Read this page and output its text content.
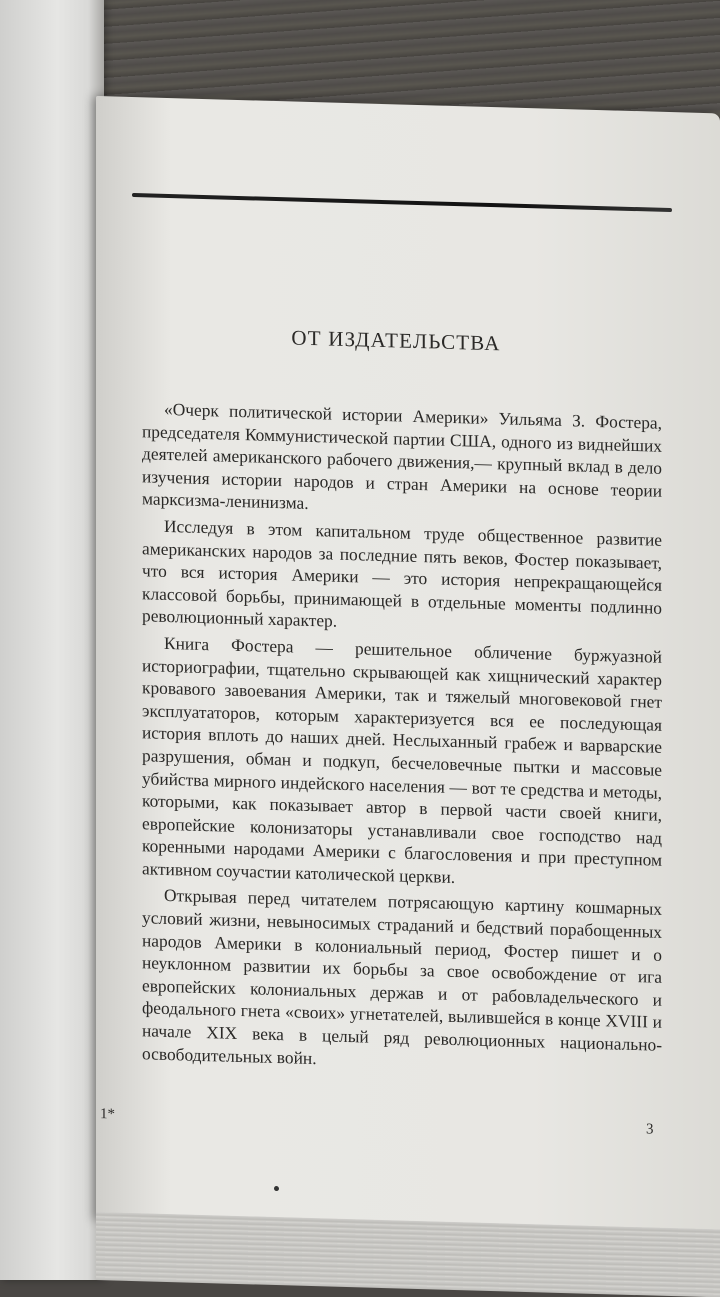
ОТ ИЗДАТЕЛЬСТВА

«Очерк политической истории Америки» Уильяма З. Фостера, председателя Коммунистической партии США, одного из виднейших деятелей американского рабочего движения,— крупный вклад в дело изучения истории народов и стран Америки на основе теории марксизма-ленинизма.

Исследуя в этом капитальном труде общественное развитие американских народов за последние пять веков, Фостер показывает, что вся история Америки — это история непрекращающейся классовой борьбы, принимающей в отдельные моменты подлинно революционный характер.

Книга Фостера — решительное обличение буржуазной историографии, тщательно скрывающей как хищнический характер кровавого завоевания Америки, так и тяжелый многовековой гнет эксплуататоров, которым характеризуется вся ее последующая история вплоть до наших дней. Неслыханный грабеж и варварские разрушения, обман и подкуп, бесчеловечные пытки и массовые убийства мирного индейского населения — вот те средства и методы, которыми, как показывает автор в первой части своей книги, европейские колонизаторы устанавливали свое господство над коренными народами Америки с благословения и при преступном активном соучастии католической церкви.

Открывая перед читателем потрясающую картину кошмарных условий жизни, невыносимых страданий и бедствий порабощенных народов Америки в колониальный период, Фостер пишет и о неуклонном развитии их борьбы за свое освобождение от ига европейских колониальных держав и от рабовладельческого и феодального гнета «своих» угнетателей, вылившейся в конце XVIII и начале XIX века в целый ряд революционных национально-освободительных войн.

1*
3
